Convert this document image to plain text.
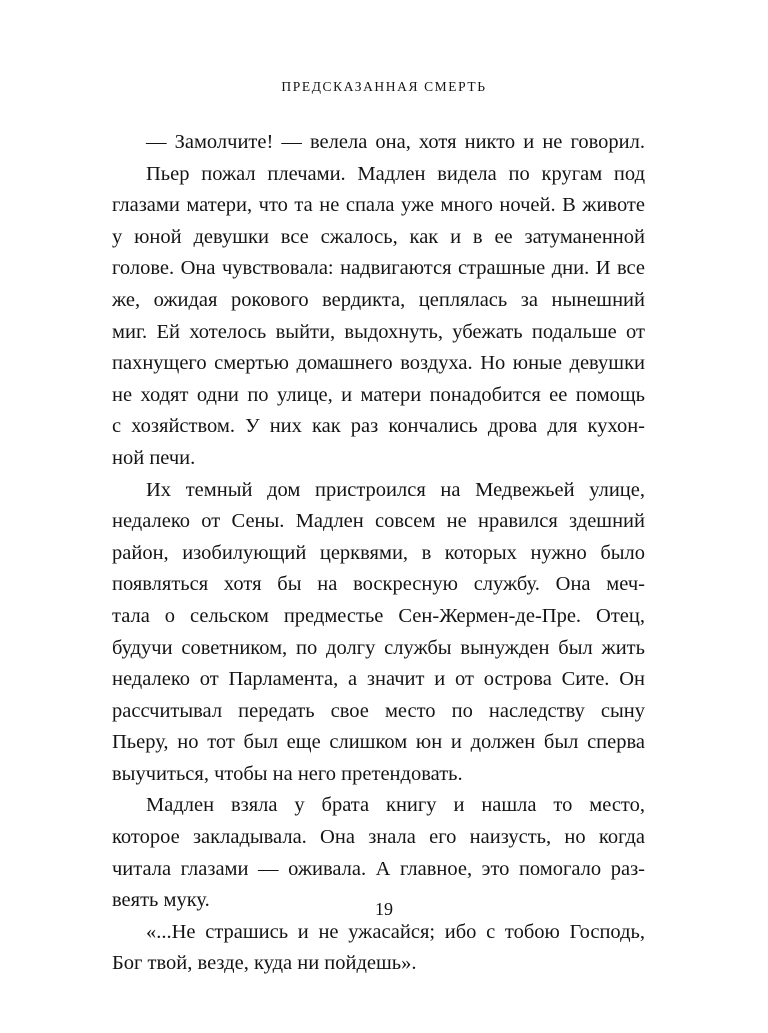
ПРЕДСКАЗАННАЯ СМЕРТЬ
— Замолчите! — велела она, хотя никто и не говорил.
Пьер пожал плечами. Мадлен видела по кругам под
глазами матери, что та не спала уже много ночей. В животе
у юной девушки все сжалось, как и в ее затуманенной
голове. Она чувствовала: надвигаются страшные дни. И все
же, ожидая рокового вердикта, цеплялась за нынешний
миг. Ей хотелось выйти, выдохнуть, убежать подальше от
пахнущего смертью домашнего воздуха. Но юные девушки
не ходят одни по улице, и матери понадобится ее помощь
с хозяйством. У них как раз кончались дрова для кухон-
ной печи.
Их темный дом пристроился на Медвежьей улице,
недалеко от Сены. Мадлен совсем не нравился здешний
район, изобилующий церквями, в которых нужно было
появляться хотя бы на воскресную службу. Она меч-
тала о сельском предместье Сен-Жермен-де-Пре. Отец,
будучи советником, по долгу службы вынужден был жить
недалеко от Парламента, а значит и от острова Сите. Он
рассчитывал передать свое место по наследству сыну
Пьеру, но тот был еще слишком юн и должен был сперва
выучиться, чтобы на него претендовать.
Мадлен взяла у брата книгу и нашла то место,
которое закладывала. Она знала его наизусть, но когда
читала глазами — оживала. А главное, это помогало раз-
веять муку.
«...Не страшись и не ужасайся; ибо с тобою Господь,
Бог твой, везде, куда ни пойдешь».
19
